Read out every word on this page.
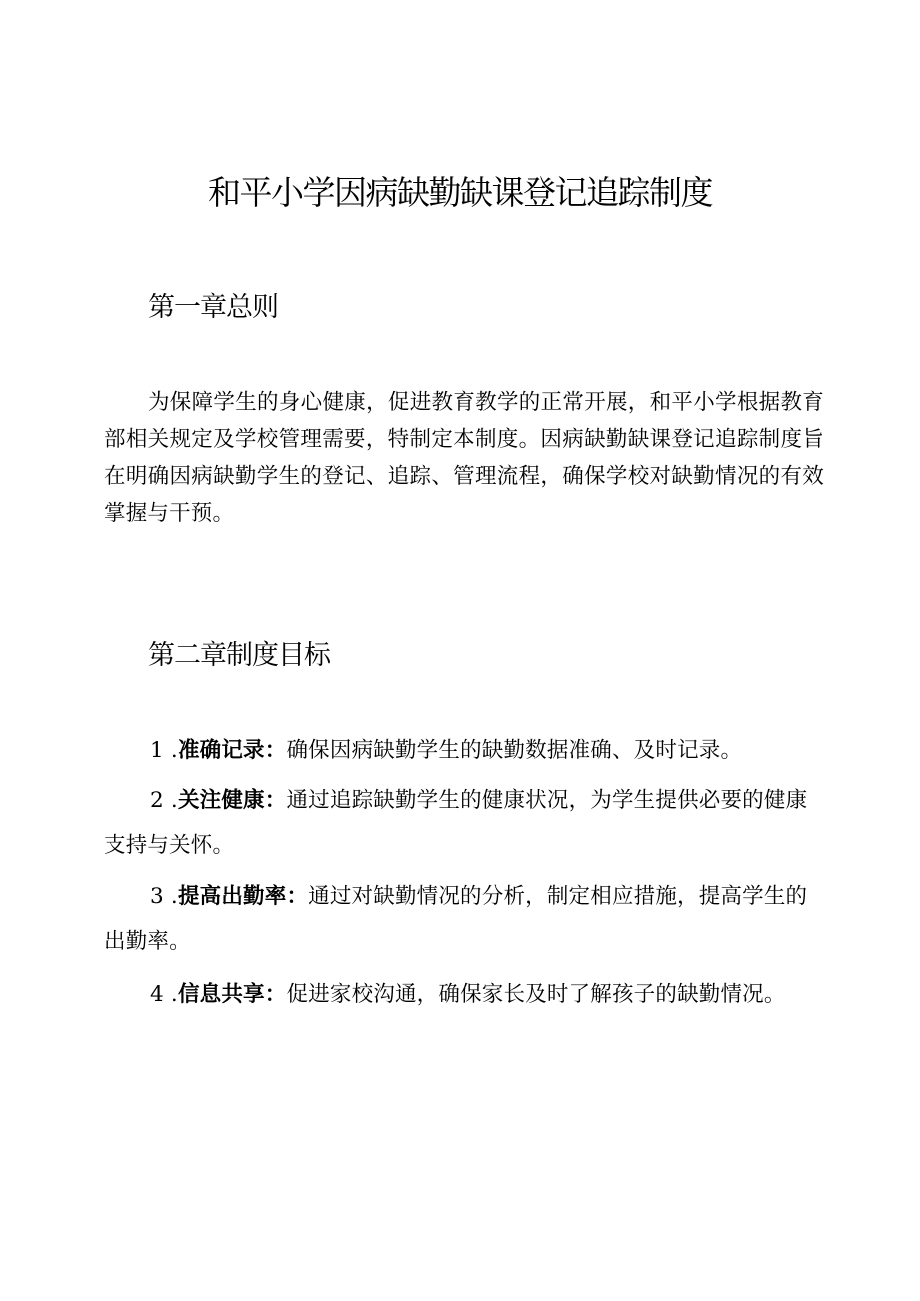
和平小学因病缺勤缺课登记追踪制度
第一章总则

为保障学生的身心健康，促进教育教学的正常开展，和平小学根据教育部相关规定及学校管理需要，特制定本制度。因病缺勤缺课登记追踪制度旨在明确因病缺勤学生的登记、追踪、管理流程，确保学校对缺勤情况的有效掌握与干预。

第二章制度目标

1 .准确记录：确保因病缺勤学生的缺勤数据准确、及时记录。

2 .关注健康：通过追踪缺勤学生的健康状况，为学生提供必要的健康支持与关怀。

3 .提高出勤率：通过对缺勤情况的分析，制定相应措施，提高学生的出勤率。

4 .信息共享：促进家校沟通，确保家长及时了解孩子的缺勤情况。
